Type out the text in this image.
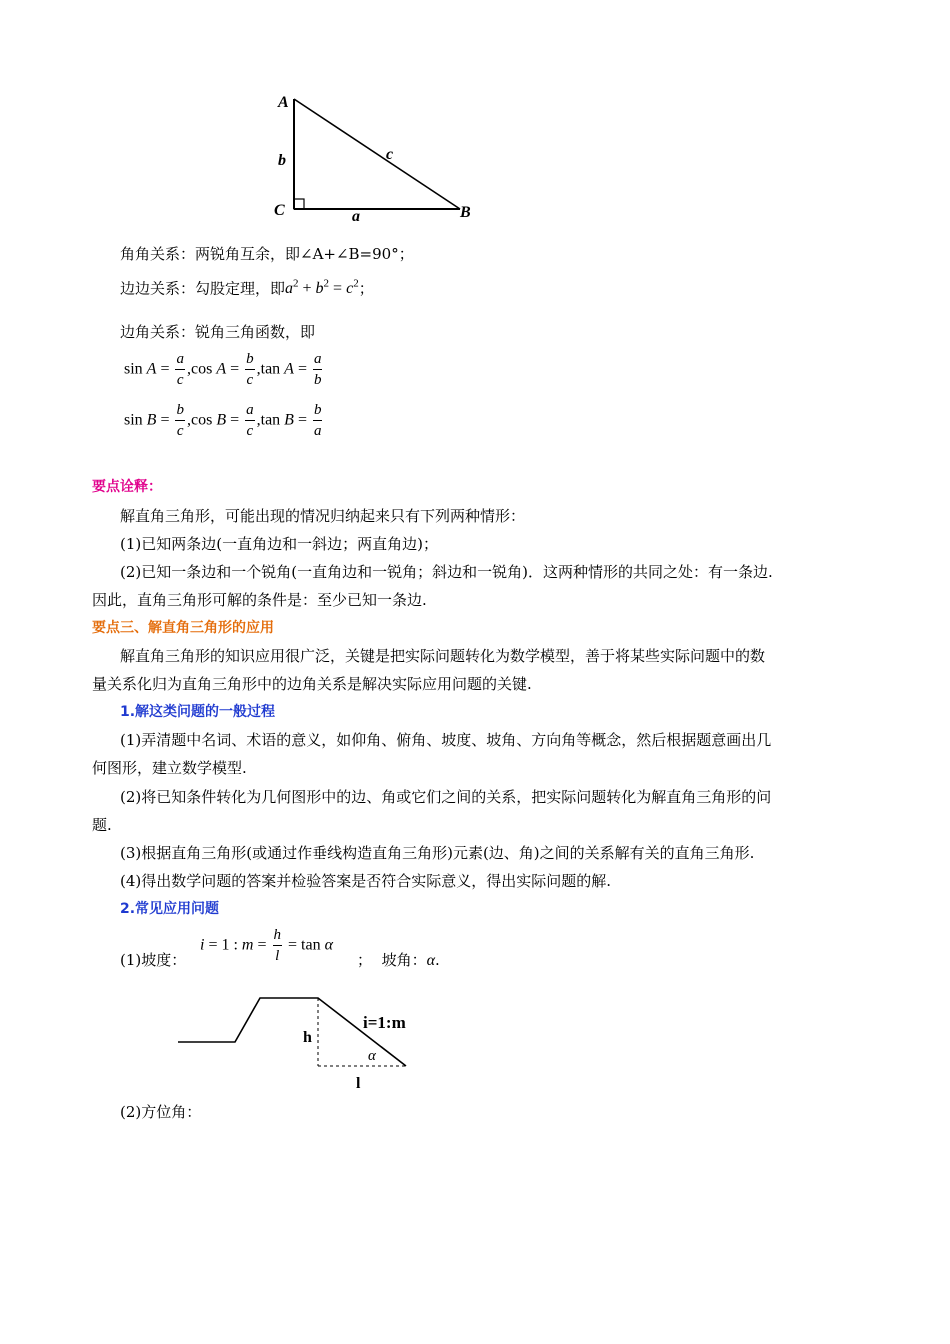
A
C	B
b	c
a
角角关系：两锐角互余，即∠A+∠B=90°；
边边关系：勾股定理，即$a^2 + b^2 = c^2$；
边角关系：锐角三角函数，即
$\sin A = \frac{a}{c} ,\cos$ $A = \frac{b}{c} ,\tan$ $A = \frac{a}{b}$
$\sin B = \frac{b}{c} ,\cos$ $B = \frac{a}{c} ,\tan$ $B = \frac{b}{a}$
要点诠释：
解直角三角形，可能出现的情况归纳起来只有下列两种情形：
(1)已知两条边(一直角边和一斜边；两直角边)；
(2)已知一条边和一个锐角(一直角边和一锐角；斜边和一锐角)．这两种情形的共同之处：有一条边.
因此，直角三角形可解的条件是：至少已知一条边.
要点三、解直角三角形的应用
解直角三角形的知识应用很广泛，关键是把实际问题转化为数学模型，善于将某些实际问题中的数
量关系化归为直角三角形中的边角关系是解决实际应用问题的关键.
1.解这类问题的一般过程
(1)弄清题中名词、术语的意义，如仰角、俯角、坡度、坡角、方向角等概念，然后根据题意画出几
何图形，建立数学模型.
(2)将已知条件转化为几何图形中的边、角或它们之间的关系，把实际问题转化为解直角三角形的问
题.
(3)根据直角三角形(或通过作垂线构造直角三角形)元素(边、角)之间的关系解有关的直角三角形.
(4)得出数学问题的答案并检验答案是否符合实际意义，得出实际问题的解.
2.常见应用问题
(1)坡度：
i = 1 : $m = \frac{h}{l} = \tan \alpha$
； 坡角：α.
i=1:m
h
α
l
(2)方位角：
